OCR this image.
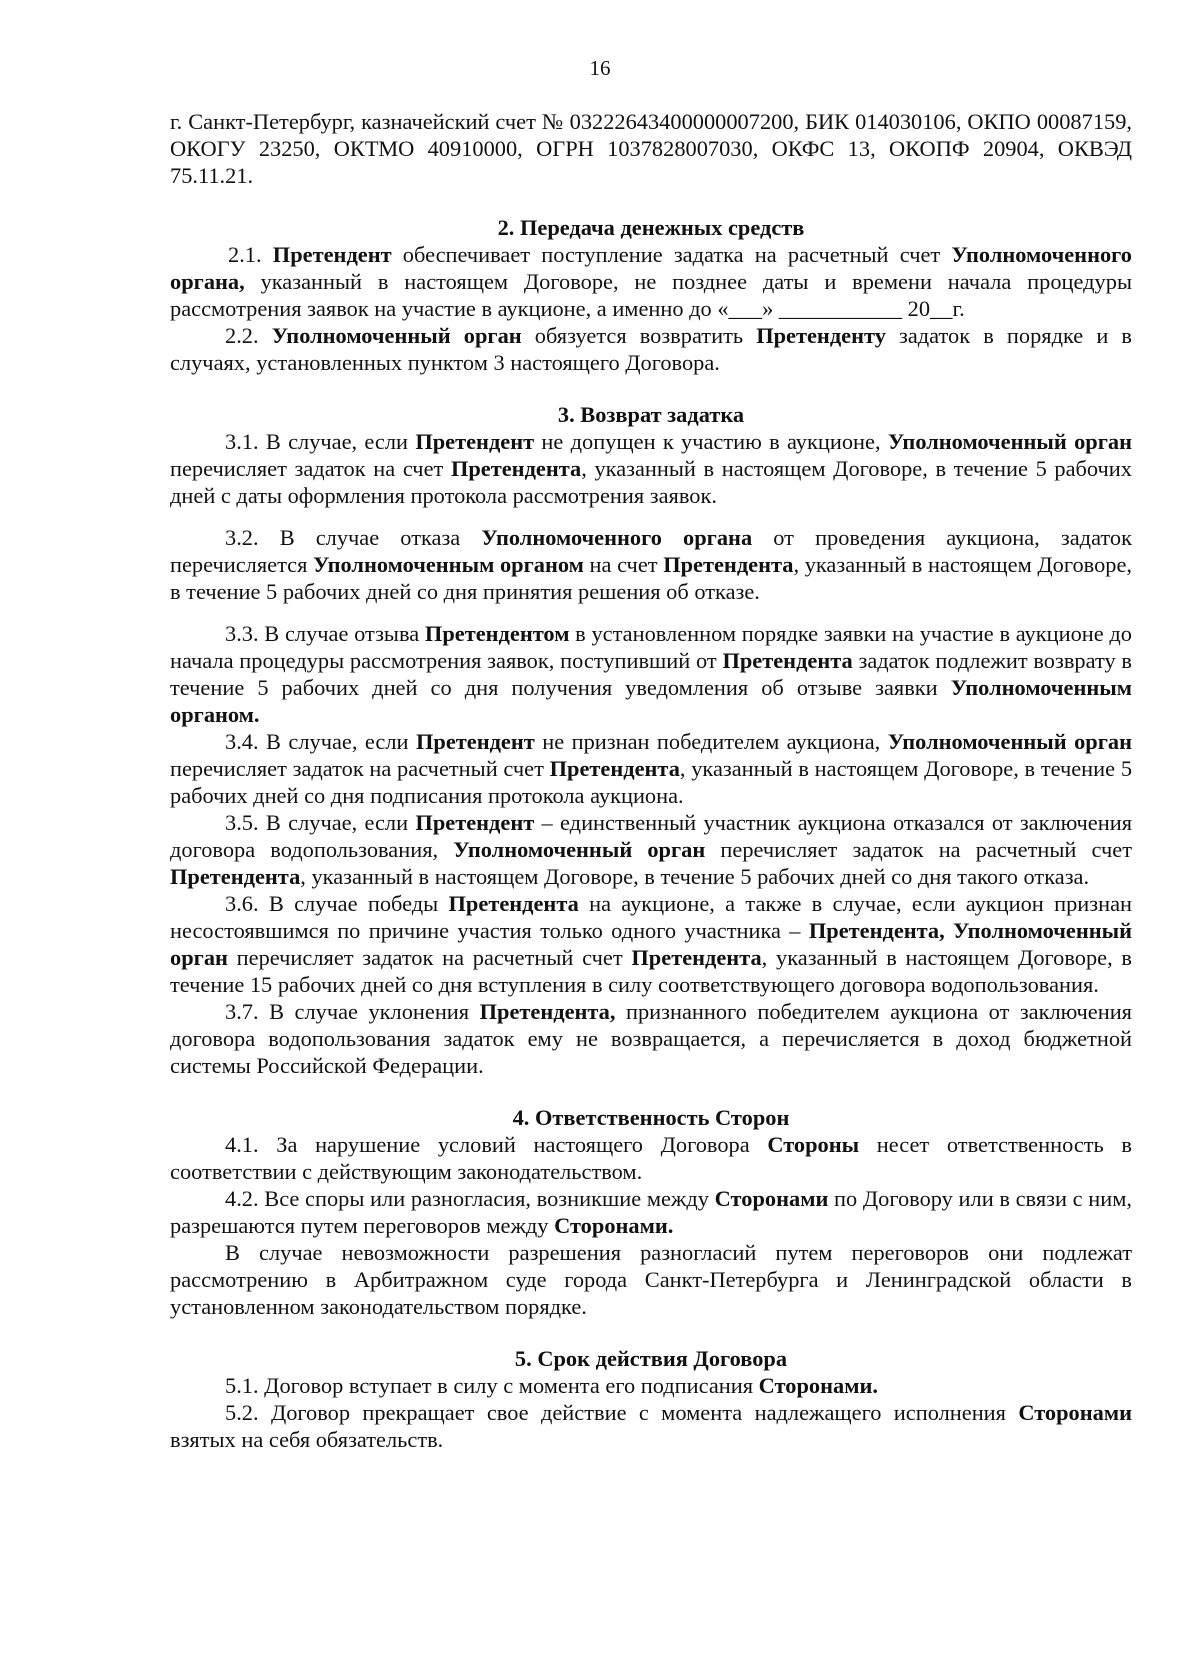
16

г. Санкт-Петербург, казначейский счет № 03222643400000007200, БИК 014030106, ОКПО 00087159, ОКОГУ 23250, ОКТМО 40910000, ОГРН 1037828007030, ОКФС 13, ОКОПФ 20904, ОКВЭД 75.11.21.

2. Передача денежных средств

2.1. Претендент обеспечивает поступление задатка на расчетный счет Уполномоченного органа, указанный в настоящем Договоре, не позднее даты и времени начала процедуры рассмотрения заявок на участие в аукционе, а именно до «___» ___________ 20__г.

2.2. Уполномоченный орган обязуется возвратить Претенденту задаток в порядке и в случаях, установленных пунктом 3 настоящего Договора.

3. Возврат задатка

3.1. В случае, если Претендент не допущен к участию в аукционе, Уполномоченный орган перечисляет задаток на счет Претендента, указанный в настоящем Договоре, в течение 5 рабочих дней с даты оформления протокола рассмотрения заявок.

3.2. В случае отказа Уполномоченного органа от проведения аукциона, задаток перечисляется Уполномоченным органом на счет Претендента, указанный в настоящем Договоре, в течение 5 рабочих дней со дня принятия решения об отказе.

3.3. В случае отзыва Претендентом в установленном порядке заявки на участие в аукционе до начала процедуры рассмотрения заявок, поступивший от Претендента задаток подлежит возврату в течение 5 рабочих дней со дня получения уведомления об отзыве заявки Уполномоченным органом.

3.4. В случае, если Претендент не признан победителем аукциона, Уполномоченный орган перечисляет задаток на расчетный счет Претендента, указанный в настоящем Договоре, в течение 5 рабочих дней со дня подписания протокола аукциона.

3.5. В случае, если Претендент – единственный участник аукциона отказался от заключения договора водопользования, Уполномоченный орган перечисляет задаток на расчетный счет Претендента, указанный в настоящем Договоре, в течение 5 рабочих дней со дня такого отказа.

3.6. В случае победы Претендента на аукционе, а также в случае, если аукцион признан несостоявшимся по причине участия только одного участника – Претендента, Уполномоченный орган перечисляет задаток на расчетный счет Претендента, указанный в настоящем Договоре, в течение 15 рабочих дней со дня вступления в силу соответствующего договора водопользования.

3.7. В случае уклонения Претендента, признанного победителем аукциона от заключения договора водопользования задаток ему не возвращается, а перечисляется в доход бюджетной системы Российской Федерации.

4. Ответственность Сторон

4.1. За нарушение условий настоящего Договора Стороны несет ответственность в соответствии с действующим законодательством.

4.2. Все споры или разногласия, возникшие между Сторонами по Договору или в связи с ним, разрешаются путем переговоров между Сторонами.

В случае невозможности разрешения разногласий путем переговоров они подлежат рассмотрению в Арбитражном суде города Санкт-Петербурга и Ленинградской области в установленном законодательством порядке.

5. Срок действия Договора

5.1. Договор вступает в силу с момента его подписания Сторонами.

5.2. Договор прекращает свое действие с момента надлежащего исполнения Сторонами взятых на себя обязательств.
